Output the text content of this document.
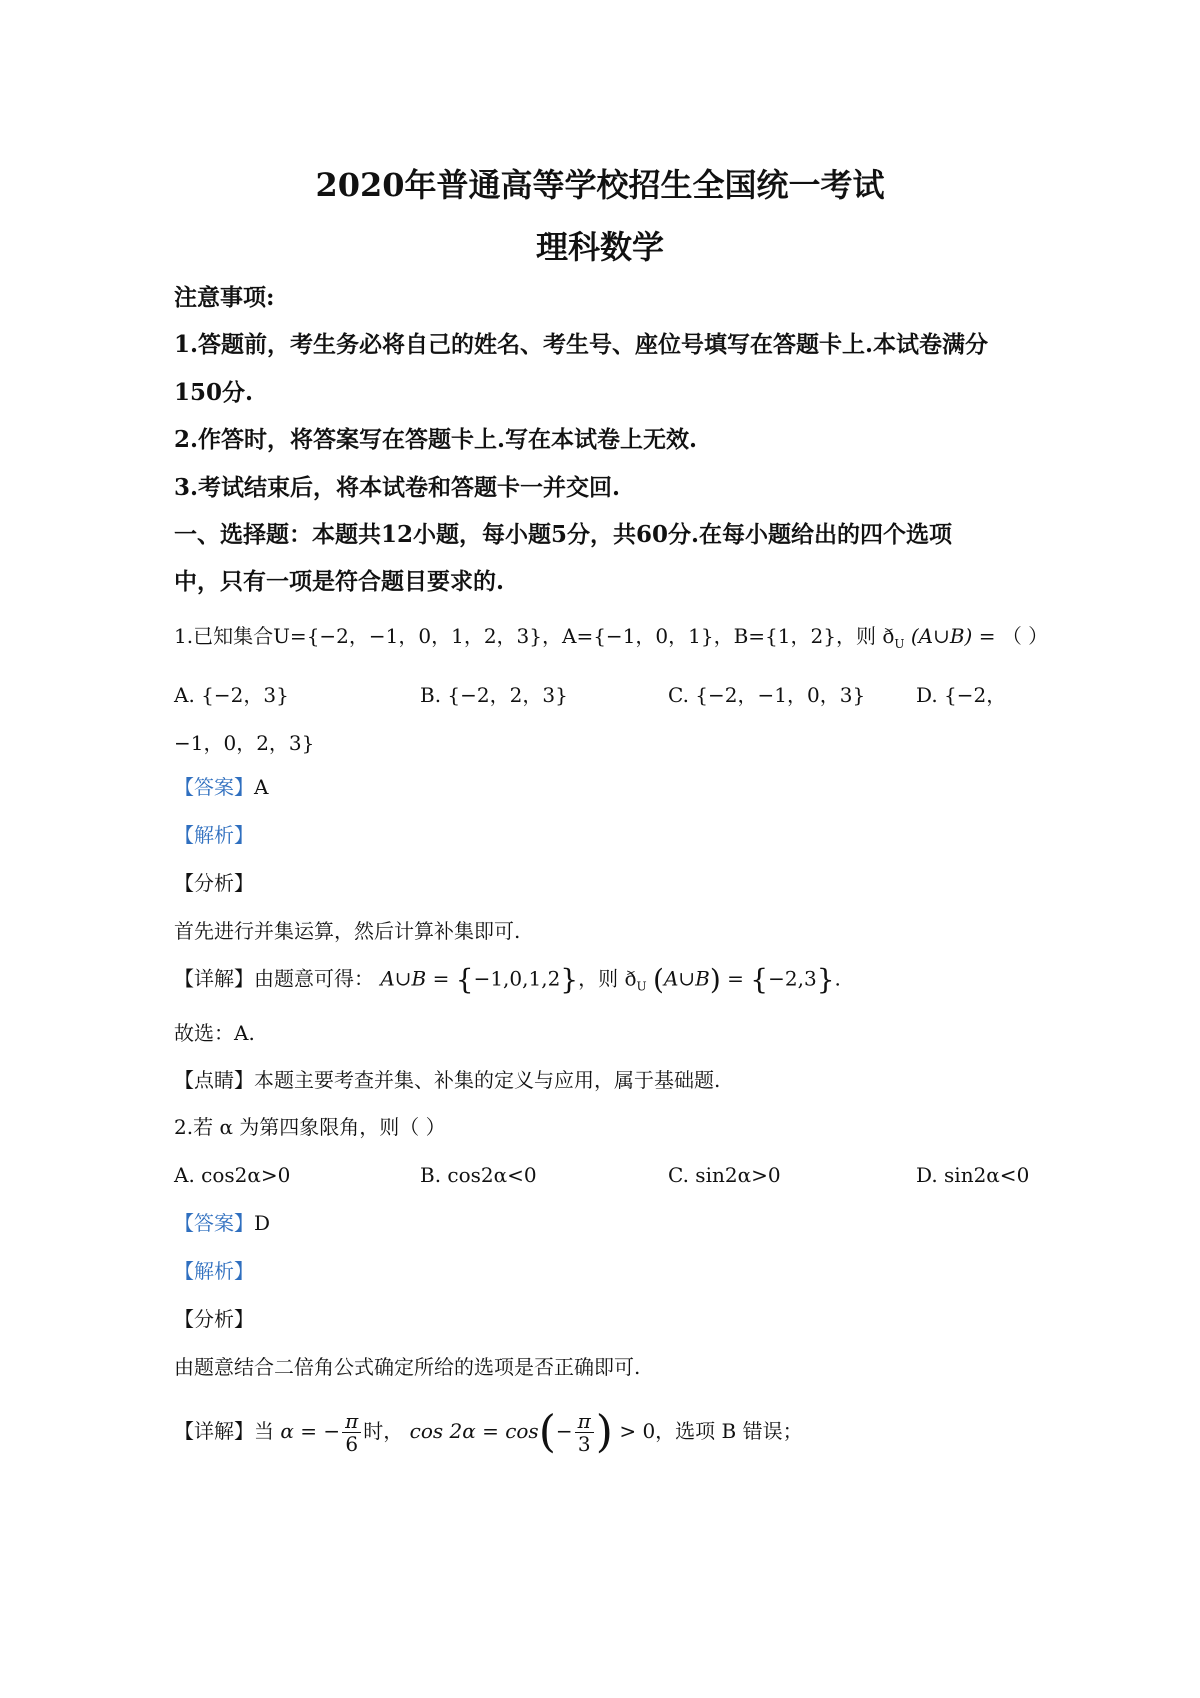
2020年普通高等学校招生全国统一考试
理科数学
注意事项:
1.答题前，考生务必将自己的姓名、考生号、座位号填写在答题卡上.本试卷满分
150分.
2.作答时，将答案写在答题卡上.写在本试卷上无效.
3.考试结束后，将本试卷和答题卡一并交回.
一、选择题：本题共12小题，每小题5分，共60分.在每小题给出的四个选项
中，只有一项是符合题目要求的.
1.已知集合U={−2，−1，0，1，2，3}，A={−1，0，1}，B={1，2}，则 $ð_U$ (A∪B) = （ ）
A. {−2，3}	B. {−2，2，3}	C. {−2，−1，0，3}	D. {−2，
−1，0，2，3}
【答案】A
【解析】
【分析】
首先进行并集运算，然后计算补集即可.
【详解】由题意可得： A∪B = {−1,0,1,2}，则 $ð_U$ (A∪B) = {−2,3}.
故选：A.
【点睛】本题主要考查并集、补集的定义与应用，属于基础题.
2.若 α 为第四象限角，则（ ）
A. cos2α>0	B. cos2α<0	C. sin2α>0	D. sin2α<0
【答案】D
【解析】
【分析】
由题意结合二倍角公式确定所给的选项是否正确即可.
【详解】当 α = − $\frac{\pi}{6}$ 时， $\cos 2\alpha = \cos(- \frac{\pi}{3}$ ) > 0，选项 B 错误；
